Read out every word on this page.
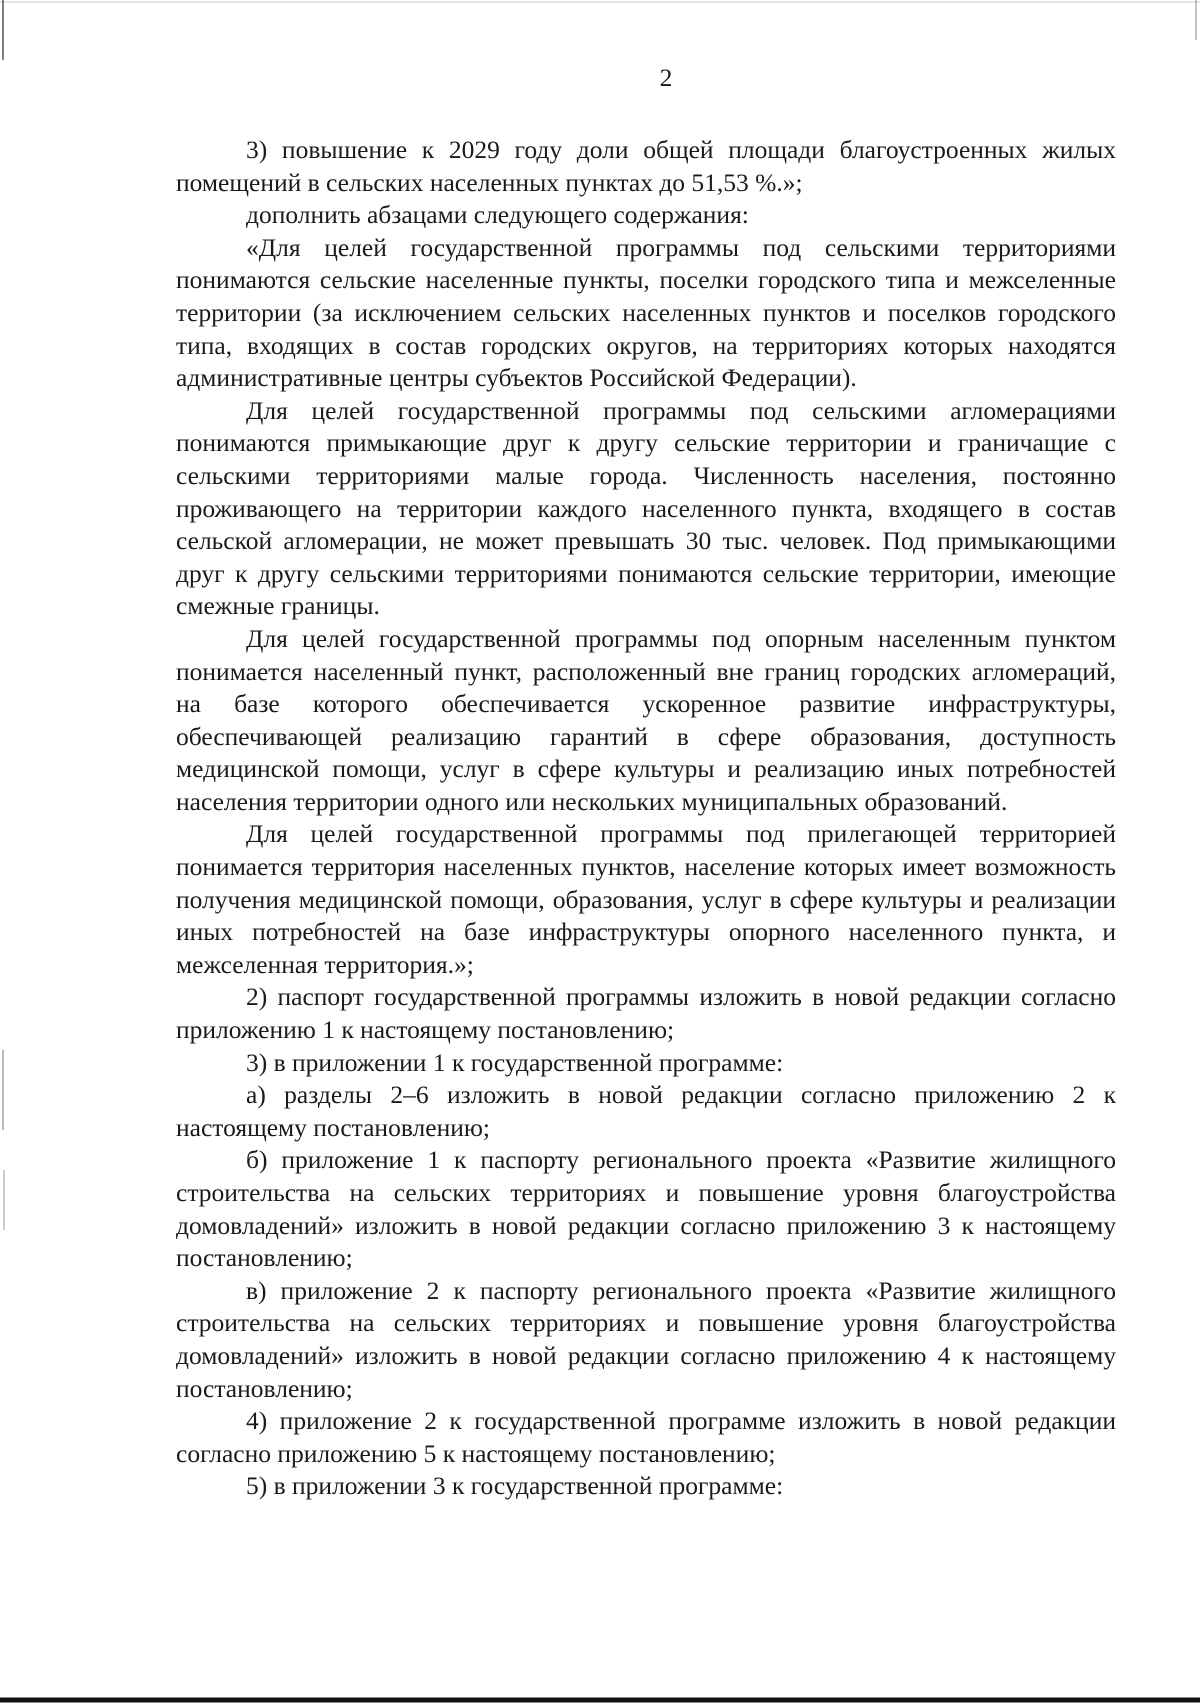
2

3) повышение к 2029 году доли общей площади благоустроенных жилых помещений в сельских населенных пунктах до 51,53 %.»;

дополнить абзацами следующего содержания:

«Для целей государственной программы под сельскими территориями понимаются сельские населенные пункты, поселки городского типа и межселенные территории (за исключением сельских населенных пунктов и поселков городского типа, входящих в состав городских округов, на территориях которых находятся административные центры субъектов Российской Федерации).

Для целей государственной программы под сельскими агломерациями понимаются примыкающие друг к другу сельские территории и граничащие с сельскими территориями малые города. Численность населения, постоянно проживающего на территории каждого населенного пункта, входящего в состав сельской агломерации, не может превышать 30 тыс. человек. Под примыкающими друг к другу сельскими территориями понимаются сельские территории, имеющие смежные границы.

Для целей государственной программы под опорным населенным пунктом понимается населенный пункт, расположенный вне границ городских агломераций, на базе которого обеспечивается ускоренное развитие инфраструктуры, обеспечивающей реализацию гарантий в сфере образования, доступность медицинской помощи, услуг в сфере культуры и реализацию иных потребностей населения территории одного или нескольких муниципальных образований.

Для целей государственной программы под прилегающей территорией понимается территория населенных пунктов, население которых имеет возможность получения медицинской помощи, образования, услуг в сфере культуры и реализации иных потребностей на базе инфраструктуры опорного населенного пункта, и межселенная территория.»;

2) паспорт государственной программы изложить в новой редакции согласно приложению 1 к настоящему постановлению;

3) в приложении 1 к государственной программе:

а) разделы 2–6 изложить в новой редакции согласно приложению 2 к настоящему постановлению;

б) приложение 1 к паспорту регионального проекта «Развитие жилищного строительства на сельских территориях и повышение уровня благоустройства домовладений» изложить в новой редакции согласно приложению 3 к настоящему постановлению;

в) приложение 2 к паспорту регионального проекта «Развитие жилищного строительства на сельских территориях и повышение уровня благоустройства домовладений» изложить в новой редакции согласно приложению 4 к настоящему постановлению;

4) приложение 2 к государственной программе изложить в новой редакции согласно приложению 5 к настоящему постановлению;

5) в приложении 3 к государственной программе:
